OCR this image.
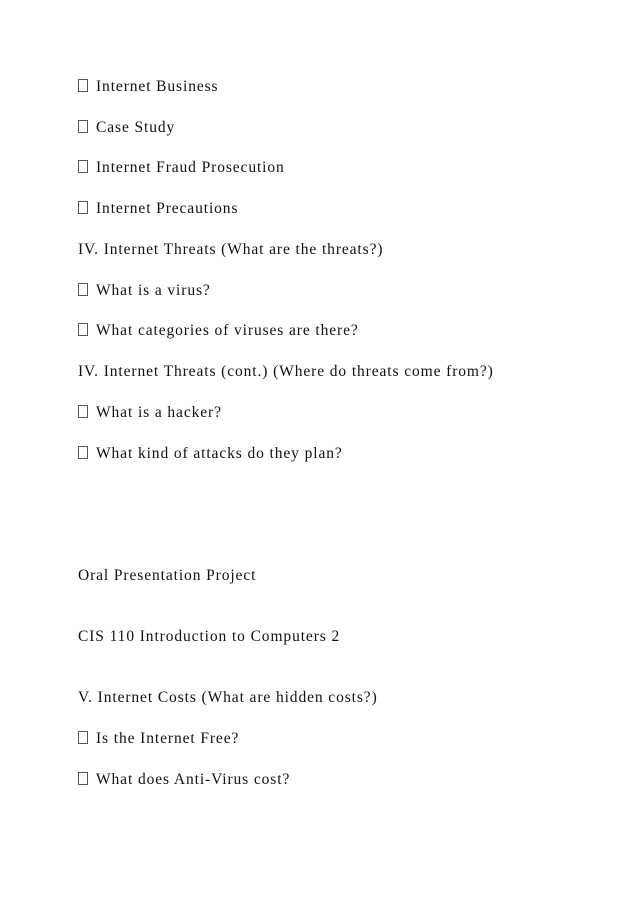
Internet Business
Case Study
Internet Fraud Prosecution
Internet Precautions
IV. Internet Threats (What are the threats?)
What is a virus?
What categories of viruses are there?
IV. Internet Threats (cont.) (Where do threats come from?)
What is a hacker?
What kind of attacks do they plan?
Oral Presentation Project
CIS 110 Introduction to Computers 2
V. Internet Costs (What are hidden costs?)
Is the Internet Free?
What does Anti-Virus cost?
